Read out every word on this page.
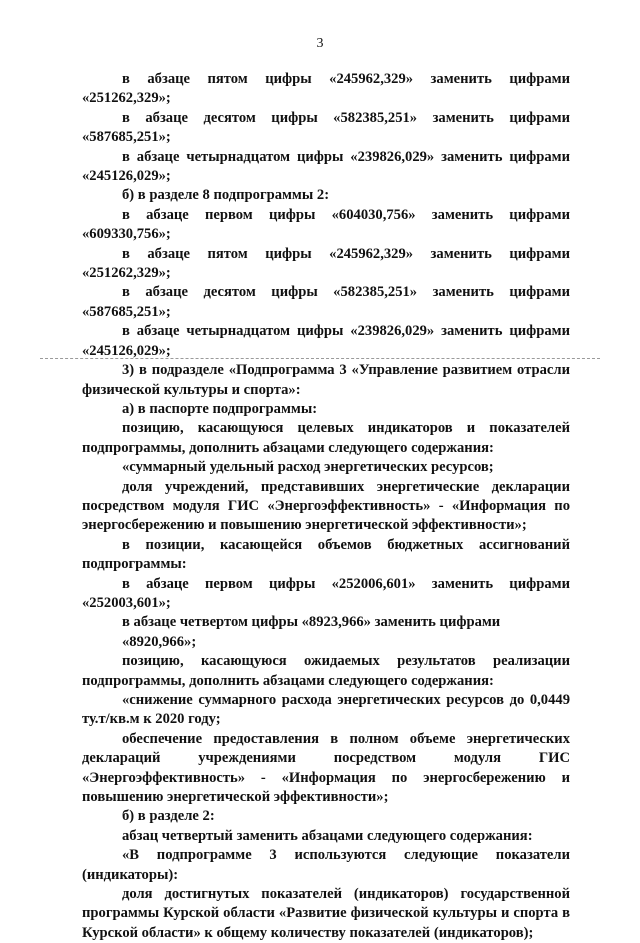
3
в абзаце пятом цифры «245962,329» заменить цифрами
«251262,329»;
в абзаце десятом цифры «582385,251» заменить цифрами
«587685,251»;
в абзаце четырнадцатом цифры «239826,029» заменить цифрами
«245126,029»;
б) в разделе 8 подпрограммы 2:
в абзаце первом цифры «604030,756» заменить цифрами
«609330,756»;
в абзаце пятом цифры «245962,329» заменить цифрами
«251262,329»;
в абзаце десятом цифры «582385,251» заменить цифрами
«587685,251»;
в абзаце четырнадцатом цифры «239826,029» заменить цифрами
«245126,029»;
3) в подразделе «Подпрограмма 3 «Управление развитием отрасли
физической культуры и спорта»:
а) в паспорте подпрограммы:
позицию, касающуюся целевых индикаторов и показателей
подпрограммы, дополнить абзацами следующего содержания:
«суммарный удельный расход энергетических ресурсов;
доля учреждений, представивших энергетические декларации
посредством модуля ГИС «Энергоэффективность» - «Информация по
энергосбережению и повышению энергетической эффективности»;
в позиции, касающейся объемов бюджетных ассигнований
подпрограммы:
в абзаце первом цифры «252006,601» заменить цифрами
«252003,601»;
в абзаце четвертом цифры «8923,966» заменить цифрами «8920,966»;
позицию, касающуюся ожидаемых результатов реализации
подпрограммы, дополнить абзацами следующего содержания:
«снижение суммарного расхода энергетических ресурсов до 0,0449
ту.т/кв.м к 2020 году;
обеспечение предоставления в полном объеме энергетических
деклараций учреждениями посредством модуля ГИС
«Энергоэффективность» - «Информация по энергосбережению и
повышению энергетической эффективности»;
б) в разделе 2:
абзац четвертый заменить абзацами следующего содержания:
«В подпрограмме 3 используются следующие показатели
(индикаторы):
доля достигнутых показателей (индикаторов) государственной
программы Курской области «Развитие физической культуры и спорта в
Курской области» к общему количеству показателей (индикаторов);
